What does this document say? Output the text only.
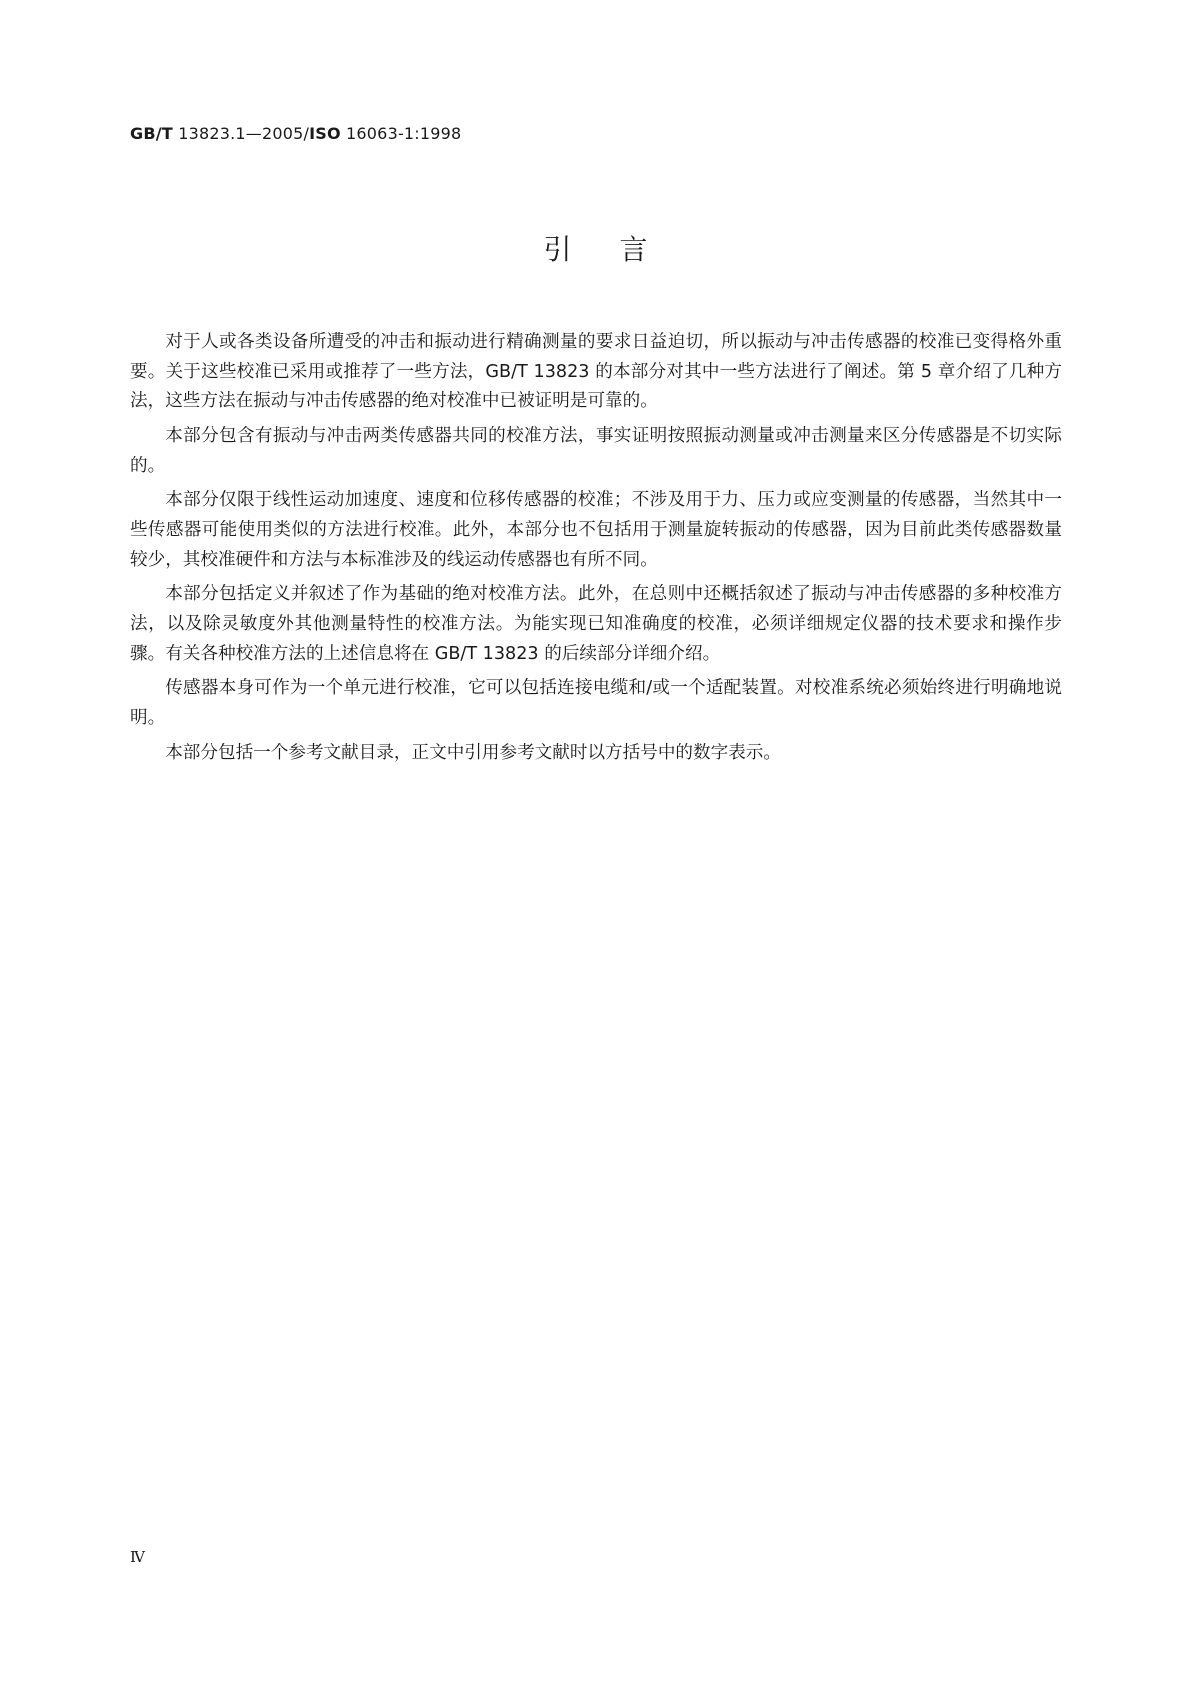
GB/T 13823.1—2005/ISO 16063-1:1998
引言

对于人或各类设备所遭受的冲击和振动进行精确测量的要求日益迫切，所以振动与冲击传感器的校准已变得格外重要。关于这些校准已采用或推荐了一些方法，GB/T 13823 的本部分对其中一些方法进行了阐述。第 5 章介绍了几种方法，这些方法在振动与冲击传感器的绝对校准中已被证明是可靠的。

本部分包含有振动与冲击两类传感器共同的校准方法，事实证明按照振动测量或冲击测量来区分传感器是不切实际的。

本部分仅限于线性运动加速度、速度和位移传感器的校准；不涉及用于力、压力或应变测量的传感器，当然其中一些传感器可能使用类似的方法进行校准。此外，本部分也不包括用于测量旋转振动的传感器，因为目前此类传感器数量较少，其校准硬件和方法与本标准涉及的线运动传感器也有所不同。

本部分包括定义并叙述了作为基础的绝对校准方法。此外，在总则中还概括叙述了振动与冲击传感器的多种校准方法，以及除灵敏度外其他测量特性的校准方法。为能实现已知准确度的校准，必须详细规定仪器的技术要求和操作步骤。有关各种校准方法的上述信息将在 GB/T 13823 的后续部分详细介绍。

传感器本身可作为一个单元进行校准，它可以包括连接电缆和/或一个适配装置。对校准系统必须始终进行明确地说明。

本部分包括一个参考文献目录，正文中引用参考文献时以方括号中的数字表示。

Ⅳ
